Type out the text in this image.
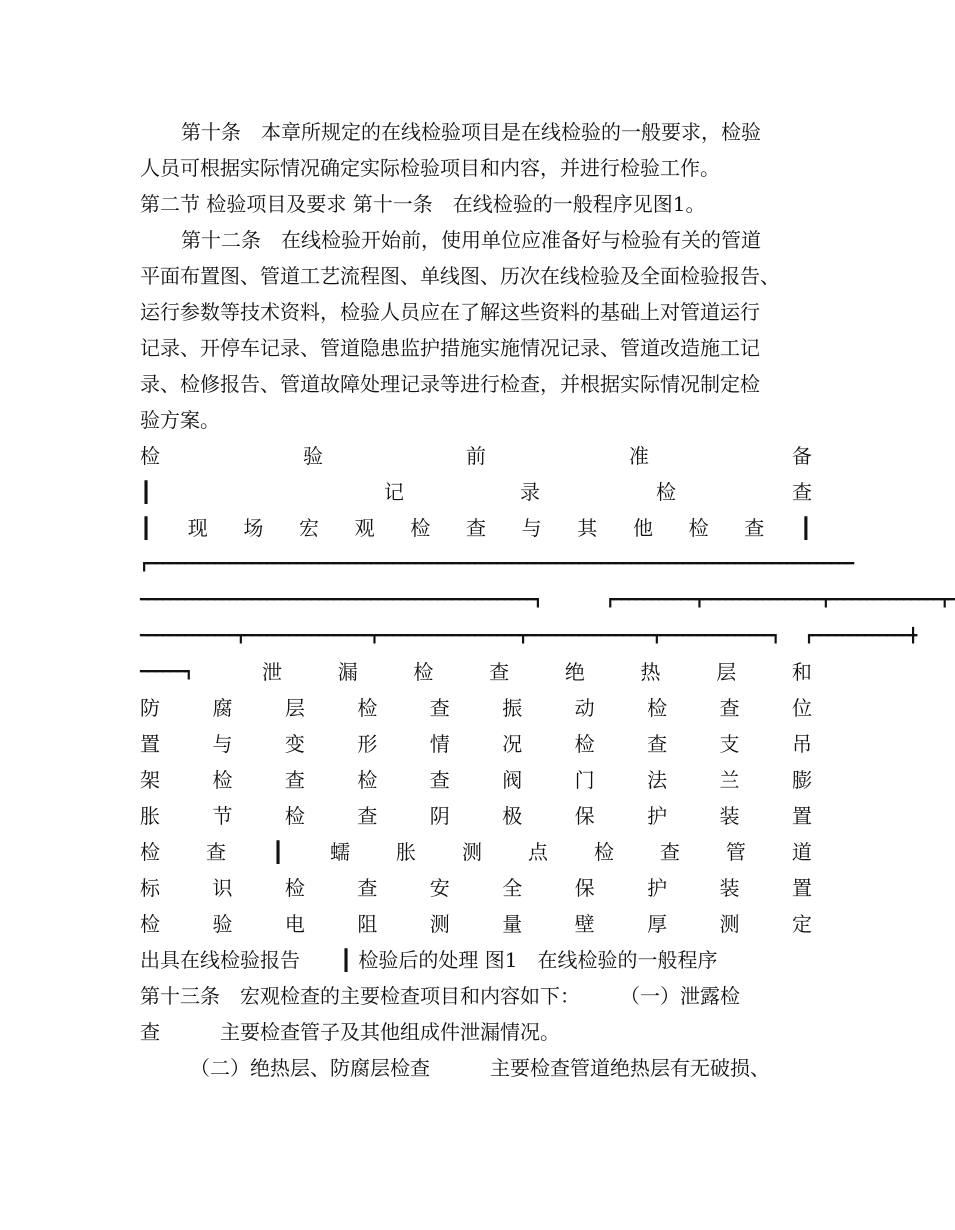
第十条　本章所规定的在线检验项目是在线检验的一般要求，检验
人员可根据实际情况确定实际检验项目和内容，并进行检验工作。
第二节 检验项目及要求 第十一条　在线检验的一般程序见图1。
第十二条　在线检验开始前，使用单位应准备好与检验有关的管道
平面布置图、管道工艺流程图、单线图、历次在线检验及全面检验报告、
运行参数等技术资料，检验人员应在了解这些资料的基础上对管道运行
记录、开停车记录、管道隐患监护措施实施情况记录、管道改造施工记
录、检修报告、管道故障处理记录等进行检查，并根据实际情况制定检
验方案。
检	验	前	准	备
┃	记	录	检	查
┃ 现 场 宏 观 检 查 与 其 他 检 查 ┃
┏━━━━━━━━━━━━━━━━━━━━━━━━━━━━━━━━━━━━━━━━━━━━━━━━━━━━━━━━━━━━━━━━━━━━━━━━━━━━━━━━━━━━━━━━━━━━━━━
━━━━━━━━━━━━━━━━━━━━━━━━━━━━━━━━━━━━━━━━━━━━━━━━━━━━━┓　　　　　┏━━━━━━━━━━━┳━━━━━━━━━━━━━━━━┳━━━━━━━━━━━━━━━┳━
━━━━━━━━━━━━━┳━━━━━━━━━━━━━━━━━┳━━━━━━━━━━━━━━━━━━━┳━━━━━━━━━━━━━━━━━┳━━━━━━━━━━━━━━━┓　　┏━━━━━━━━━━━━━╋
━━━━━━┓	泄	漏	检	查	绝	热	层	和
防	腐	层	检	查	振	动	检	查	位
置	与	变	形	情	况	检	查	支	吊
架	检	查	检	查	阀	门	法	兰	膨
胀	节	检	查	阴	极	保	护	装	置
检 查 ┃ 蠕 胀 测 点 检 查 管 道
标	识	检	查	安	全	保	护	装	置
检	验	电	阻	测	量	壁	厚	测	定
出具在线检验报告　　┃ 检验后的处理 图1　在线检验的一般程序
第十三条　宏观检查的主要检查项目和内容如下：　　　（一）泄露检
查　　　主要检查管子及其他组成件泄漏情况。
（二）绝热层、防腐层检查　　　主要检查管道绝热层有无破损、
